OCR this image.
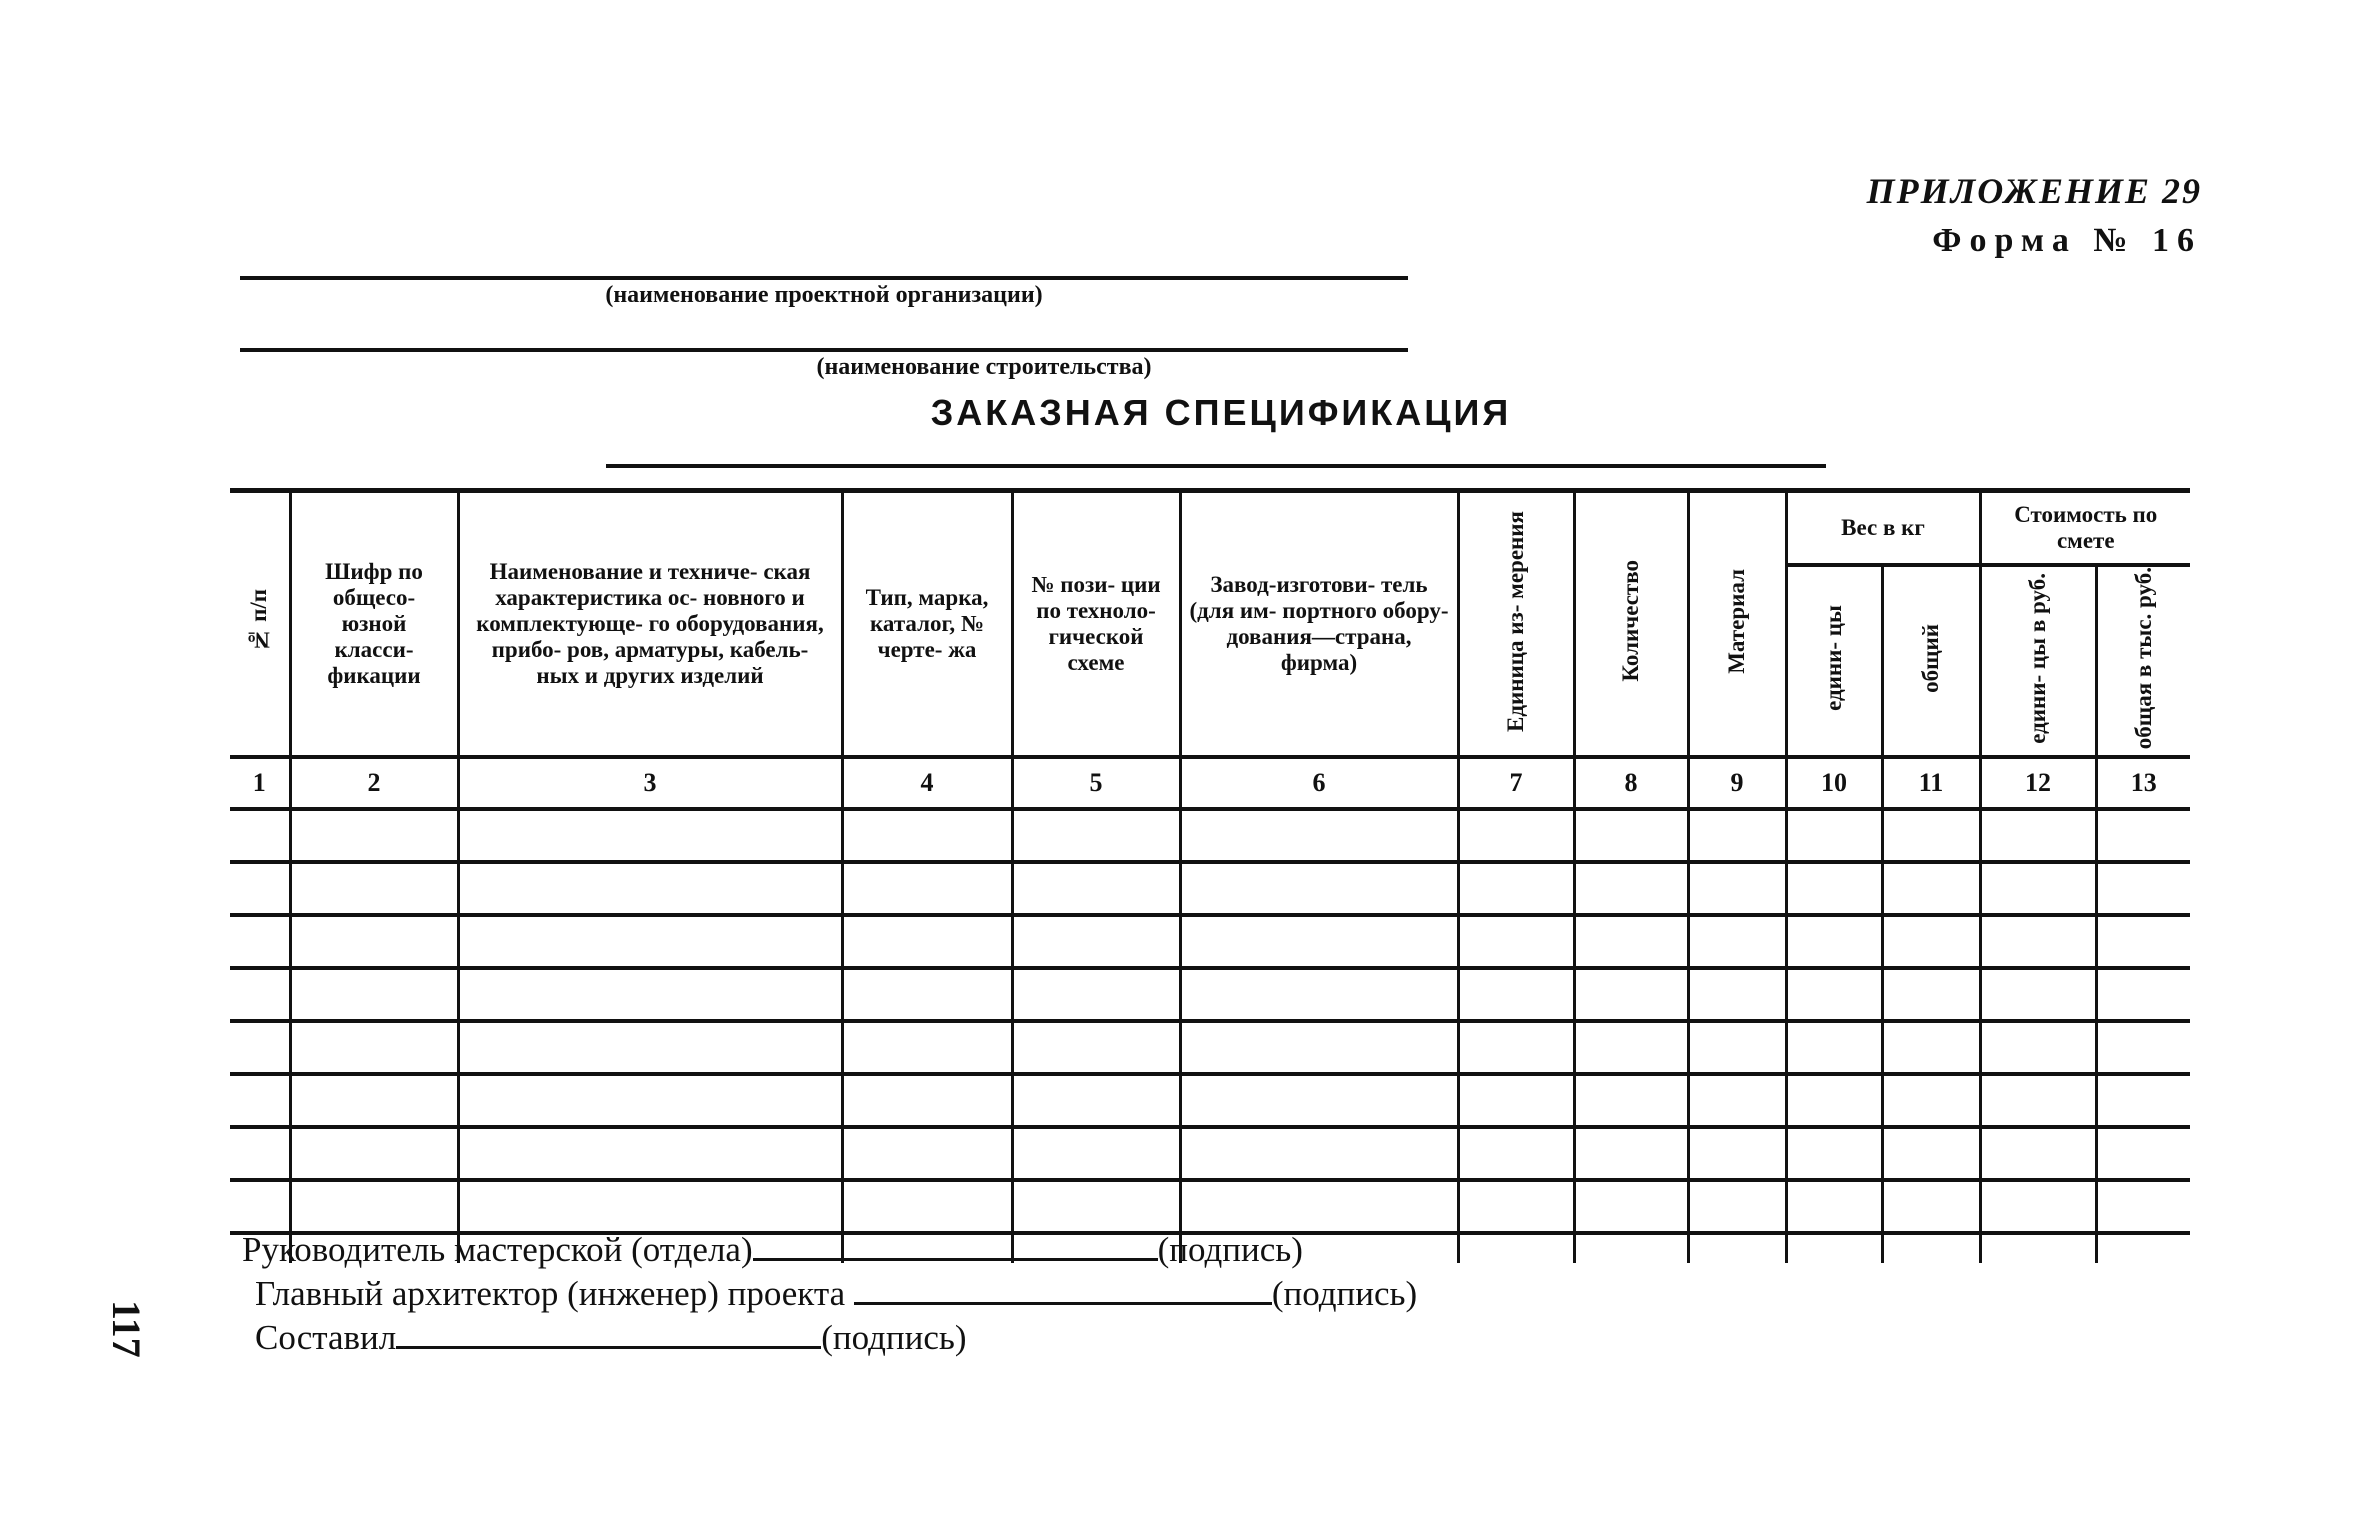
ПРИЛОЖЕНИЕ 29
Форма № 16
(наименование проектной организации)
(наименование строительства)
ЗАКАЗНАЯ СПЕЦИФИКАЦИЯ
№ п/п	Шифр по общесо- юзной класси- фикации	Наименование и техниче- ская характеристика ос- новного и комплектующе- го оборудования, прибо- ров, арматуры, кабель- ных и других изделий	Тип, марка, каталог, № черте- жа	№ пози- ции по техноло- гической схеме	Завод-изготови- тель (для им- портного обору- дования—страна, фирма)	Единица из- мерения	Количество	Материал	Вес в кг		Стоимость по смете	

									едини- цы	общий	едини- цы в руб.	общая в тыс. руб.
1	2	3	4	5	6	7	8	9	10	11	12	13

Руководитель мастерской (отдела)	(подпись)
Главный архитектор (инженер) проекта	(подпись)
Составил	(подпись)
117
